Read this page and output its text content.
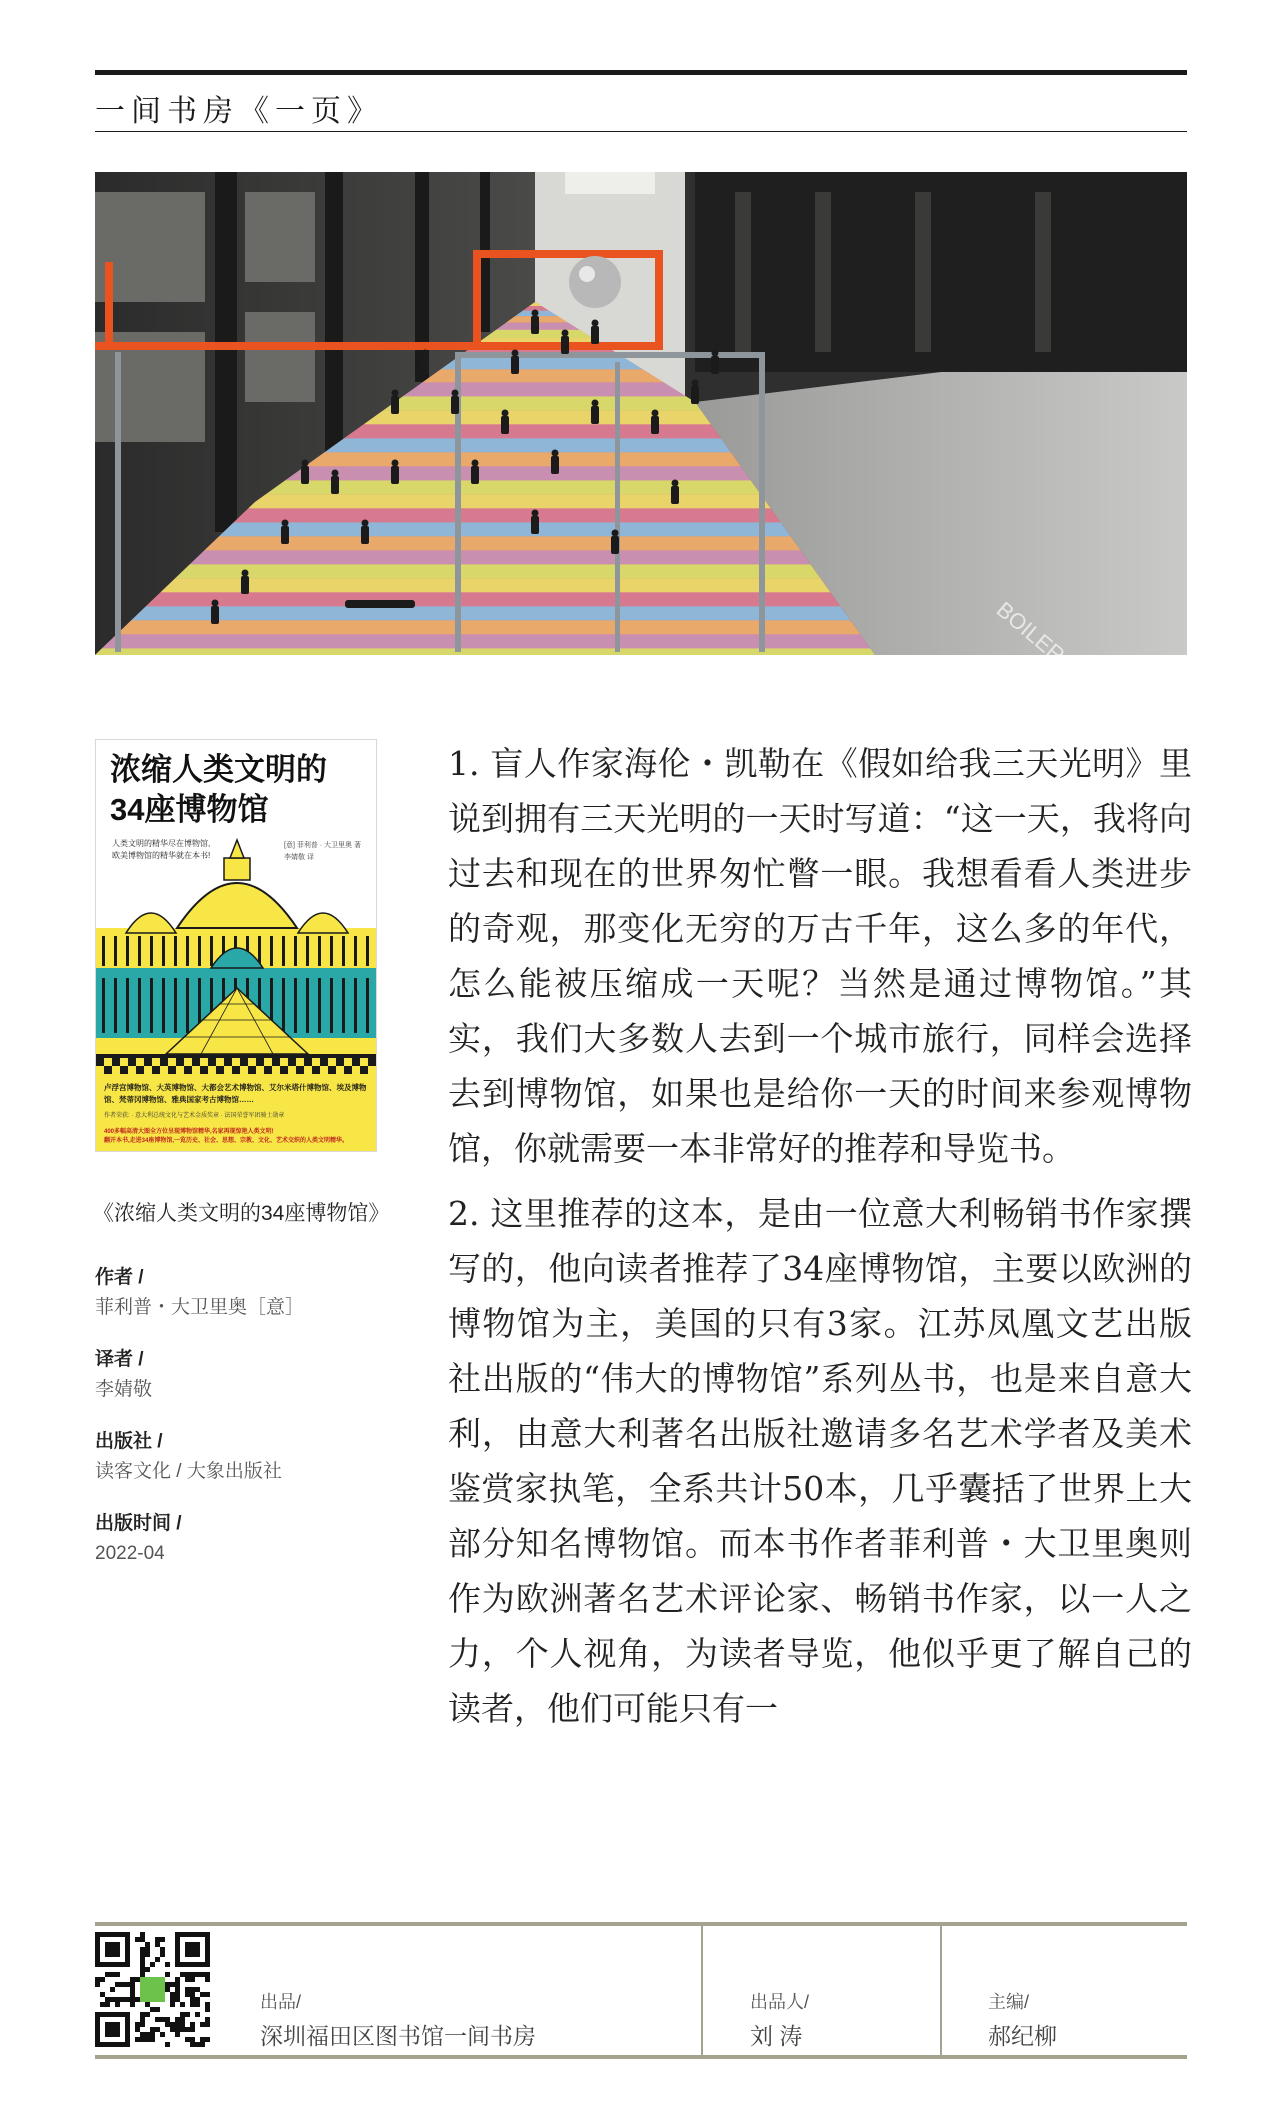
一间书房《一页》
浓缩人类文明的
34座博物馆
人类文明的精华尽在博物馆,
欧美博物馆的精华就在本书!
[意] 菲利普 · 大卫里奥 著
李婧敬 译
卢浮宫博物馆、大英博物馆、大都会艺术博物馆、艾尔米塔什博物馆、埃及博物馆、梵蒂冈博物馆、雅典国家考古博物馆……
作者荣获: · 意大利总统文化与艺术金质奖章 · 法国荣誉军团骑士勋章
400多幅高清大图全方位呈现博物馆精华,名家再现惊艳人类文明!
翻开本书,走进34座博物馆,一览历史、社会、思想、宗教、文化、艺术交织的人类文明精华。
《浓缩人类文明的34座博物馆》
作者 /
菲利普・大卫里奥［意］
译者 /
李婧敬
出版社 /
读客文化 / 大象出版社
出版时间 /
2022-04

1. 盲人作家海伦・凯勒在《假如给我三天光明》里说到拥有三天光明的一天时写道：“这一天，我将向过去和现在的世界匆忙瞥一眼。我想看看人类进步的奇观，那变化无穷的万古千年，这么多的年代，怎么能被压缩成一天呢？当然是通过博物馆。”其实，我们大多数人去到一个城市旅行，同样会选择去到博物馆，如果也是给你一天的时间来参观博物馆，你就需要一本非常好的推荐和导览书。

2. 这里推荐的这本，是由一位意大利畅销书作家撰写的，他向读者推荐了34座博物馆，主要以欧洲的博物馆为主，美国的只有3家。江苏凤凰文艺出版社出版的“伟大的博物馆”系列丛书，也是来自意大利，由意大利著名出版社邀请多名艺术学者及美术鉴赏家执笔，全系共计50本，几乎囊括了世界上大部分知名博物馆。而本书作者菲利普・大卫里奥则作为欧洲著名艺术评论家、畅销书作家，以一人之力，个人视角，为读者导览，他似乎更了解自己的读者，他们可能只有一

出品/
深圳福田区图书馆一间书房
出品人/
刘 涛
主编/
郝纪柳
